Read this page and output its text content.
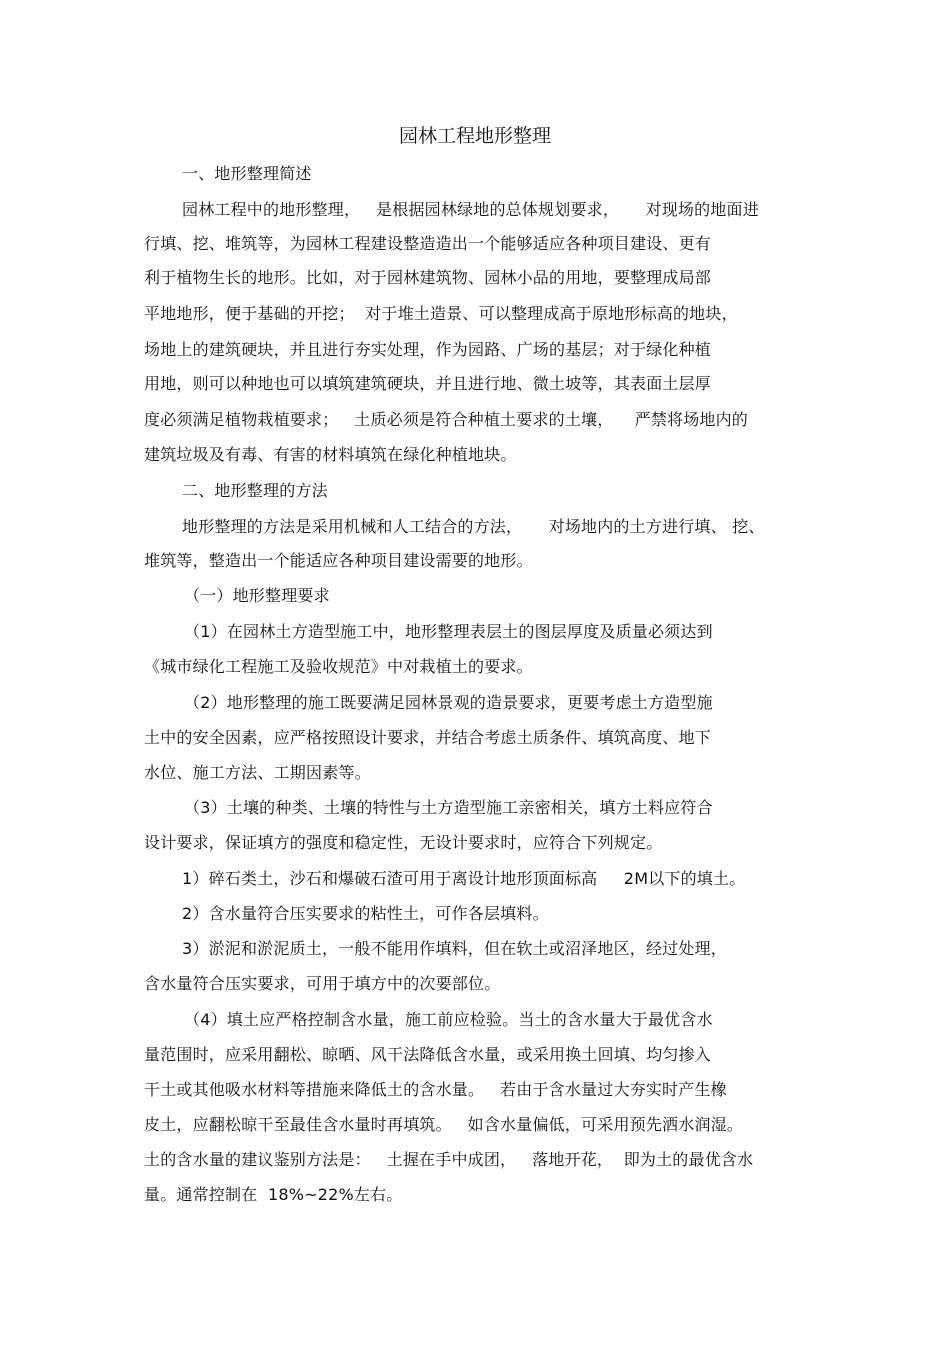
园林工程地形整理
一、地形整理简述
园林工程中的地形整理，   是根据园林绿地的总体规划要求，     对现场的地面进
行填、挖、堆筑等，为园林工程建设整造造出一个能够适应各种项目建设、更有
利于植物生长的地形。比如，对于园林建筑物、园林小品的用地，要整理成局部
平地地形，便于基础的开挖；  对于堆土造景、可以整理成高于原地形标高的地块，
场地上的建筑硬块，并且进行夯实处理，作为园路、广场的基层；对于绿化种植
用地，则可以种地也可以填筑建筑硬块，并且进行地、微土坡等，其表面土层厚
度必须满足植物栽植要求；   土质必须是符合种植土要求的土壤，    严禁将场地内的
建筑垃圾及有毒、有害的材料填筑在绿化种植地块。
二、地形整理的方法
地形整理的方法是采用机械和人工结合的方法，     对场地内的土方进行填、 挖、
堆筑等，整造出一个能适应各种项目建设需要的地形。
（一）地形整理要求
（1）在园林土方造型施工中，地形整理表层土的图层厚度及质量必须达到
《城市绿化工程施工及验收规范》中对栽植土的要求。
（2）地形整理的施工既要满足园林景观的造景要求，更要考虑土方造型施
土中的安全因素，应严格按照设计要求，并结合考虑土质条件、填筑高度、地下
水位、施工方法、工期因素等。
（3）土壤的种类、土壤的特性与土方造型施工亲密相关，填方土料应符合
设计要求，保证填方的强度和稳定性，无设计要求时，应符合下列规定。
1）碎石类土，沙石和爆破石渣可用于离设计地形顶面标高     2M以下的填土。
2）含水量符合压实要求的粘性土，可作各层填料。
3）淤泥和淤泥质土，一般不能用作填料，但在软土或沼泽地区，经过处理，
含水量符合压实要求，可用于填方中的次要部位。
（4）填土应严格控制含水量，施工前应检验。当土的含水量大于最优含水
量范围时，应采用翻松、晾晒、风干法降低含水量，或采用换土回填、均匀掺入
干土或其他吸水材料等措施来降低土的含水量。   若由于含水量过大夯实时产生橡
皮土，应翻松晾干至最佳含水量时再填筑。   如含水量偏低，可采用预先洒水润湿。
土的含水量的建议鉴别方法是：   土握在手中成团，   落地开花，  即为土的最优含水
量。通常控制在  18%~22%左右。
